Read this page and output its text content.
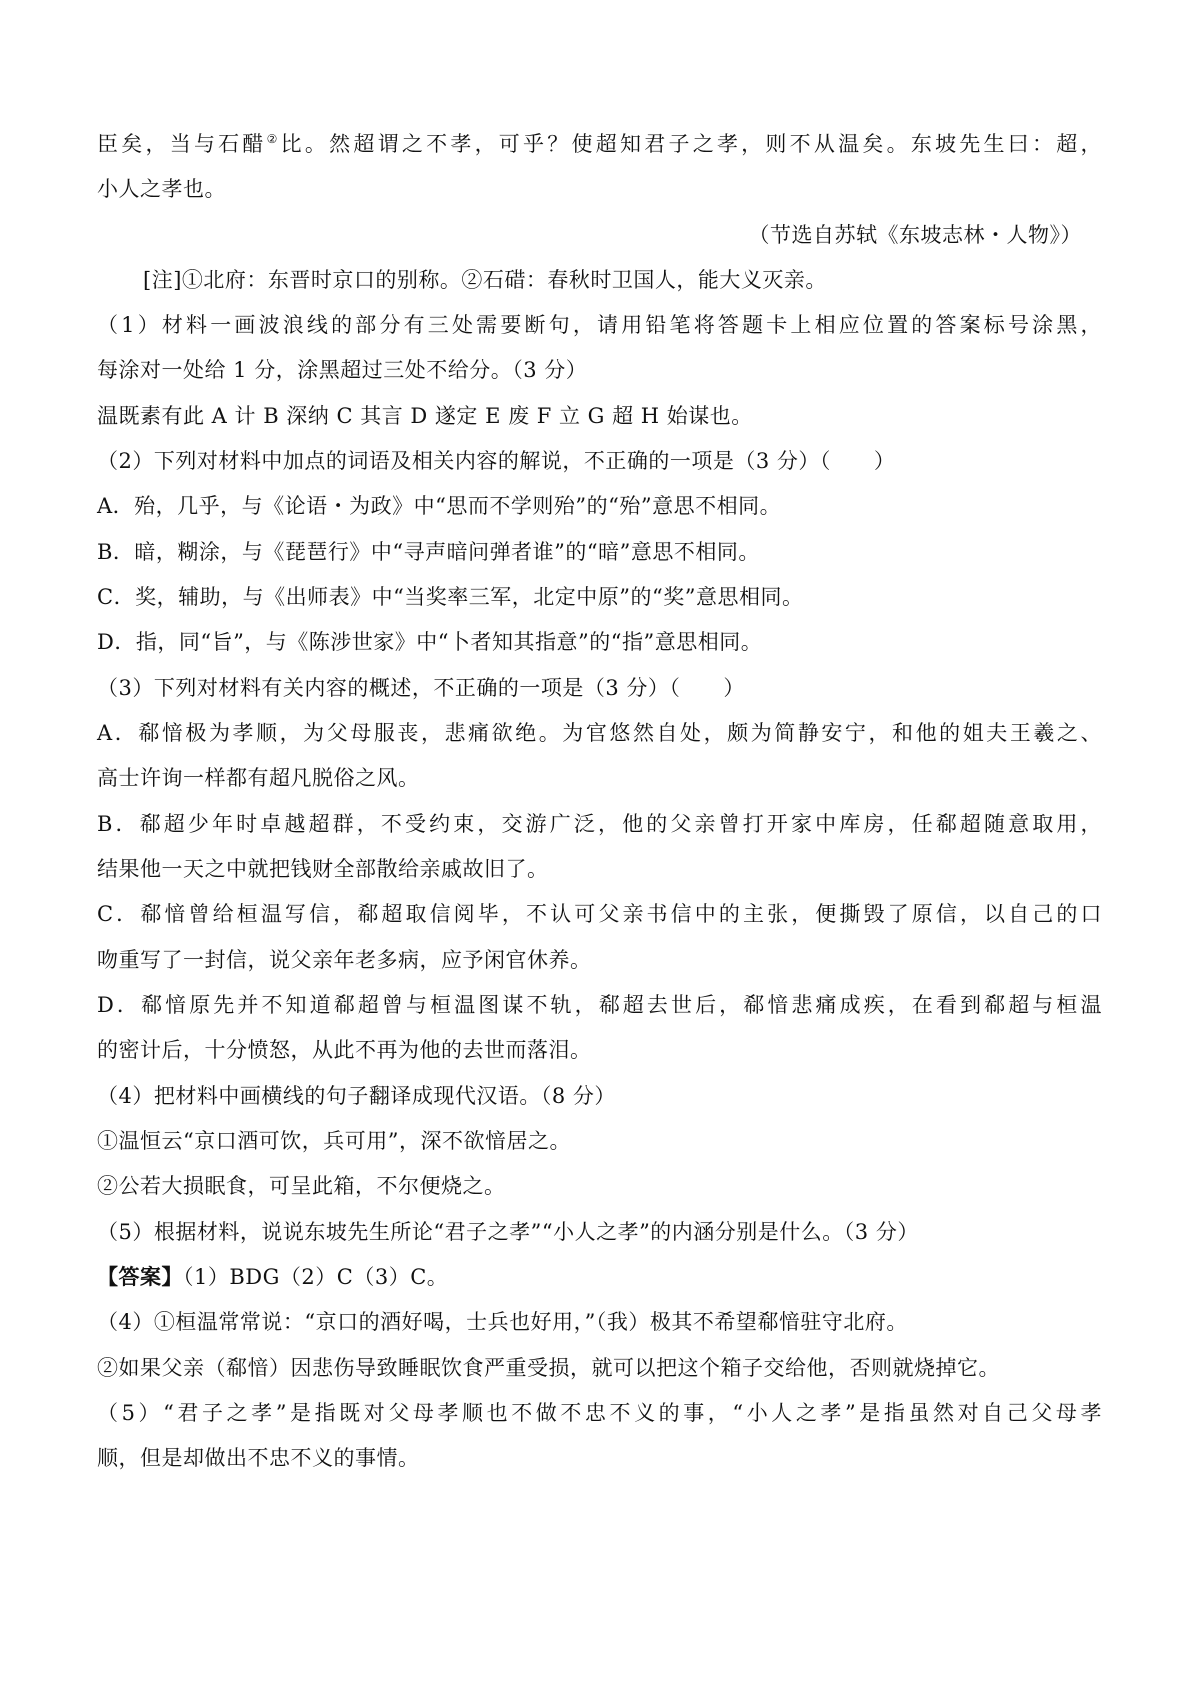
臣矣，当与石醋②比。然超谓之不孝，可乎？使超知君子之孝，则不从温矣。东坡先生曰：超，
小人之孝也。
（节选自苏轼《东坡志林・人物》）
[注]①北府：东晋时京口的别称。②石碏：春秋时卫国人，能大义灭亲。
（1）材料一画波浪线的部分有三处需要断句，请用铅笔将答题卡上相应位置的答案标号涂黑，
每涂对一处给 1 分，涂黑超过三处不给分。（3 分）
温既素有此 A 计 B 深纳 C 其言 D 遂定 E 废 F 立 G 超 H 始谋也。
（2）下列对材料中加点的词语及相关内容的解说，不正确的一项是（3 分）（　　）
A．殆，几乎，与《论语・为政》中“思而不学则殆”的“殆”意思不相同。
B．暗，糊涂，与《琵琶行》中“寻声暗问弹者谁”的“暗”意思不相同。
C．奖，辅助，与《出师表》中“当奖率三军，北定中原”的“奖”意思相同。
D．指，同“旨”，与《陈涉世家》中“卜者知其指意”的“指”意思相同。
（3）下列对材料有关内容的概述，不正确的一项是（3 分）（　　）
A．郗愔极为孝顺，为父母服丧，悲痛欲绝。为官悠然自处，颇为简静安宁，和他的姐夫王羲之、
高士许询一样都有超凡脱俗之风。
B．郗超少年时卓越超群，不受约束，交游广泛，他的父亲曾打开家中库房，任郗超随意取用，
结果他一天之中就把钱财全部散给亲戚故旧了。
C．郗愔曾给桓温写信，郗超取信阅毕，不认可父亲书信中的主张，便撕毁了原信，以自己的口
吻重写了一封信，说父亲年老多病，应予闲官休养。
D．郗愔原先并不知道郗超曾与桓温图谋不轨，郗超去世后，郗愔悲痛成疾，在看到郗超与桓温
的密计后，十分愤怒，从此不再为他的去世而落泪。
（4）把材料中画横线的句子翻译成现代汉语。（8 分）
①温恒云“京口酒可饮，兵可用”，深不欲愔居之。
②公若大损眠食，可呈此箱，不尔便烧之。
（5）根据材料，说说东坡先生所论“君子之孝”“小人之孝”的内涵分别是什么。（3 分）
【答案】（1）BDG（2）C（3）C。
（4）①桓温常常说：“京口的酒好喝，士兵也好用，”（我）极其不希望郗愔驻守北府。
②如果父亲（郗愔）因悲伤导致睡眠饮食严重受损，就可以把这个箱子交给他，否则就烧掉它。
（5）“君子之孝”是指既对父母孝顺也不做不忠不义的事，“小人之孝”是指虽然对自己父母孝
顺，但是却做出不忠不义的事情。
